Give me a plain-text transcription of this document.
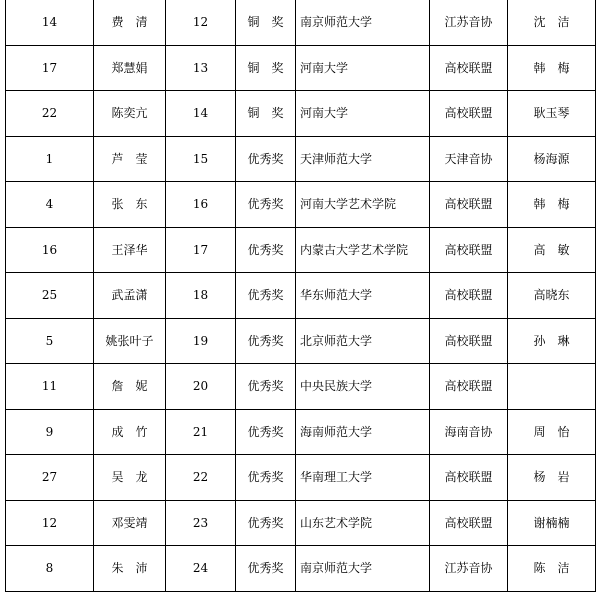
14	费　清	12	铜　奖	南京师范大学	江苏音协	沈　洁
17	郑慧娟	13	铜　奖	河南大学	高校联盟	韩　梅
22	陈奕亢	14	铜　奖	河南大学	高校联盟	耿玉琴
1	芦　莹	15	优秀奖	天津师范大学	天津音协	杨海源
4	张　东	16	优秀奖	河南大学艺术学院	高校联盟	韩　梅
16	王泽华	17	优秀奖	内蒙古大学艺术学院	高校联盟	高　敏
25	武孟潇	18	优秀奖	华东师范大学	高校联盟	高晓东
5	姚张叶子	19	优秀奖	北京师范大学	高校联盟	孙　琳
11	詹　妮	20	优秀奖	中央民族大学	高校联盟	
9	成　竹	21	优秀奖	海南师范大学	海南音协	周　怡
27	吴　龙	22	优秀奖	华南理工大学	高校联盟	杨　岩
12	邓雯靖	23	优秀奖	山东艺术学院	高校联盟	谢楠楠
8	朱　沛	24	优秀奖	南京师范大学	江苏音协	陈　洁
